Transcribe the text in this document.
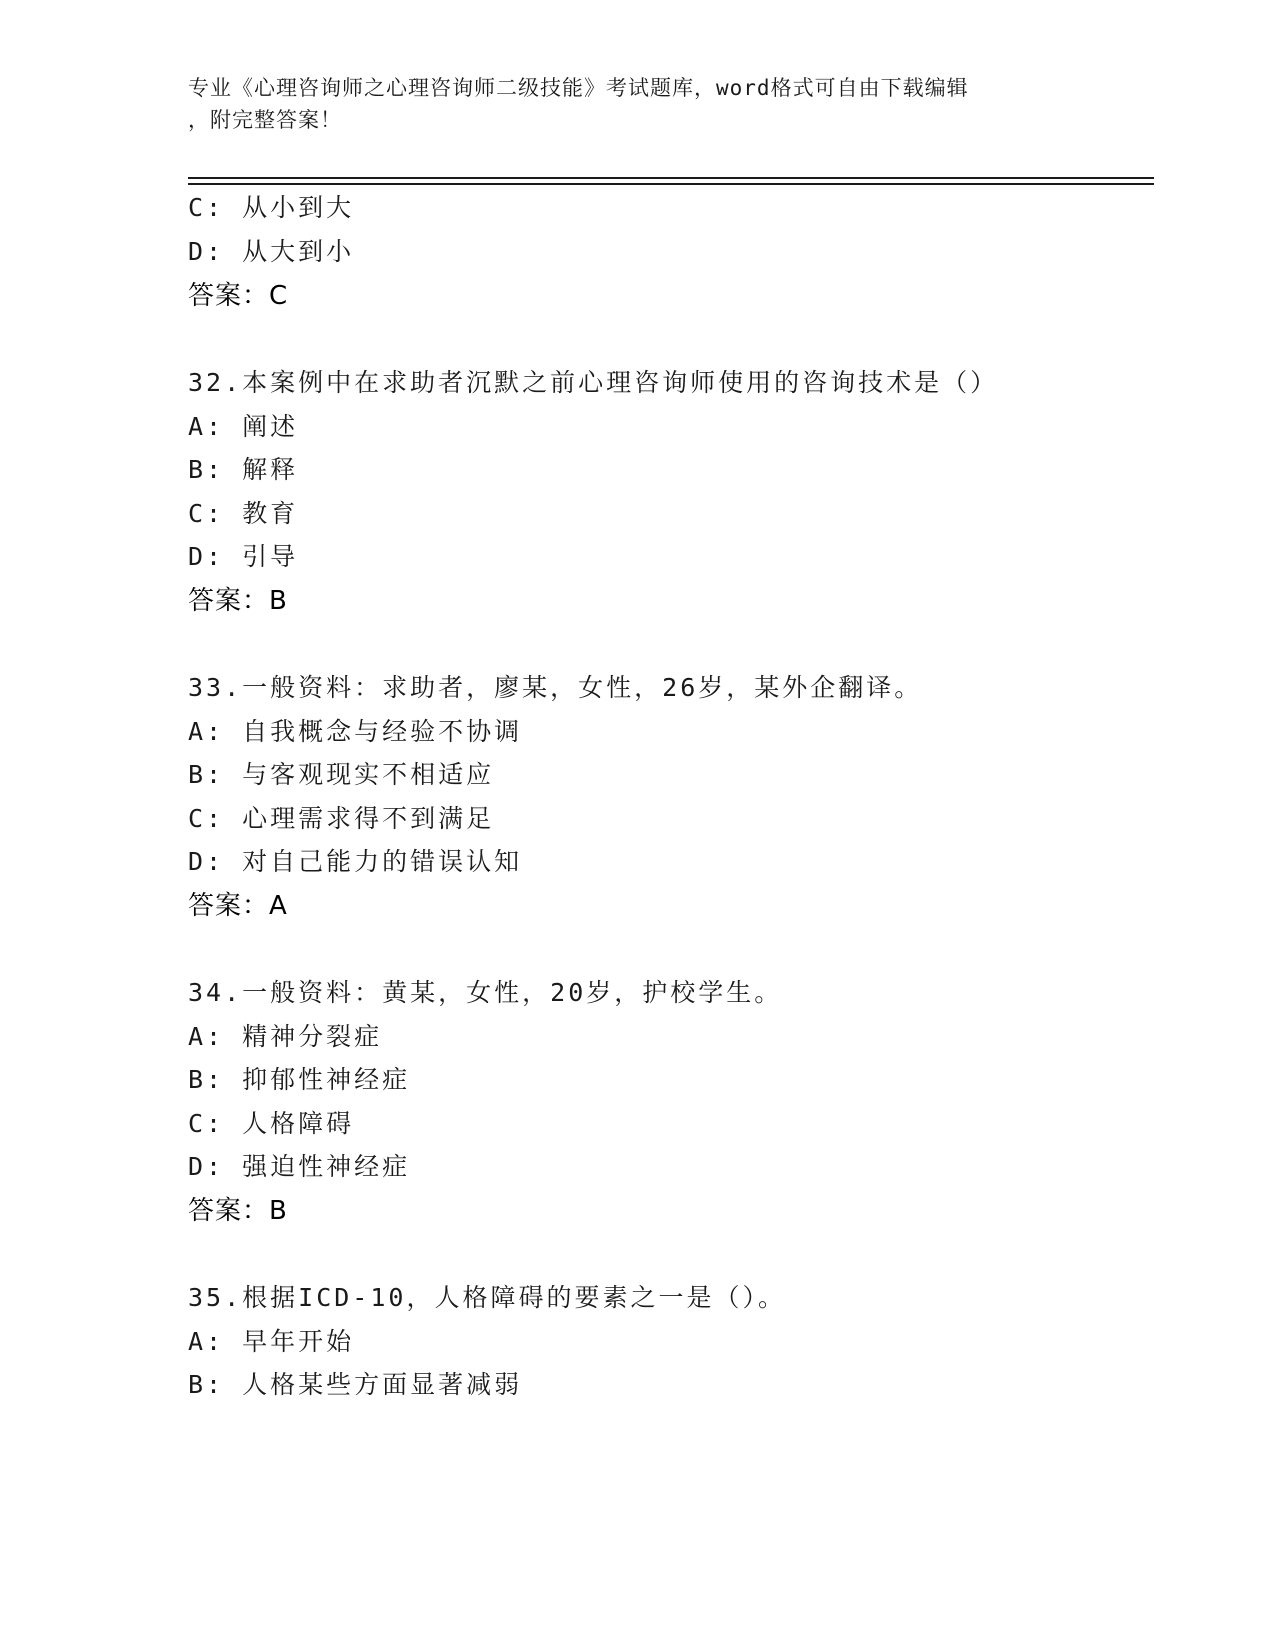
专业《心理咨询师之心理咨询师二级技能》考试题库，word格式可自由下载编辑
，附完整答案！
C: 从小到大
D: 从大到小
答案：C
32.本案例中在求助者沉默之前心理咨询师使用的咨询技术是（）
A: 阐述
B: 解释
C: 教育
D: 引导
答案：B
33.一般资料：求助者，廖某，女性，26岁，某外企翻译。
A: 自我概念与经验不协调
B: 与客观现实不相适应
C: 心理需求得不到满足
D: 对自己能力的错误认知
答案：A
34.一般资料：黄某，女性，20岁，护校学生。
A: 精神分裂症
B: 抑郁性神经症
C: 人格障碍
D: 强迫性神经症
答案：B
35.根据ICD-10，人格障碍的要素之一是（）。
A: 早年开始
B: 人格某些方面显著减弱
